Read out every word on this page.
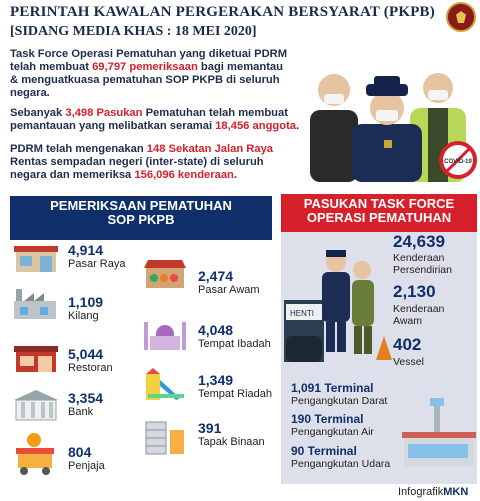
PERINTAH KAWALAN PERGERAKAN BERSYARAT (PKPB)
[SIDANG MEDIA KHAS : 18 MEI 2020]
Task Force Operasi Pematuhan yang diketuai PDRM
telah membuat 69,797 pemeriksaan bagi memantau
& menguatkuasa pematuhan SOP PKPB di seluruh
negara.
Sebanyak 3,498 Pasukan Pematuhan telah membuat
pemantauan yang melibatkan seramai 18,456 anggota.
PDRM telah mengenakan 148 Sekatan Jalan Raya
Rentas sempadan negeri (inter-state) di seluruh
negara dan memeriksa 156,096 kenderaan.
COVID-19
PEMERIKSAAN PEMATUHAN
SOP PKPB
4,914
Pasar Raya
1,109
Kilang
5,044
Restoran
3,354
Bank
804
Penjaja
2,474
Pasar Awam
4,048
Tempat Ibadah
1,349
Tempat Riadah
391
Tapak Binaan
PASUKAN TASK FORCE
OPERASI PEMATUHAN
HENTI
24,639
Kenderaan
Persendirian
2,130
Kenderaan
Awam
402
Vessel
1,091 Terminal
Pengangkutan Darat
190 Terminal
Pengangkutan Air
90 Terminal
Pengangkutan Udara
InfografikMKN
